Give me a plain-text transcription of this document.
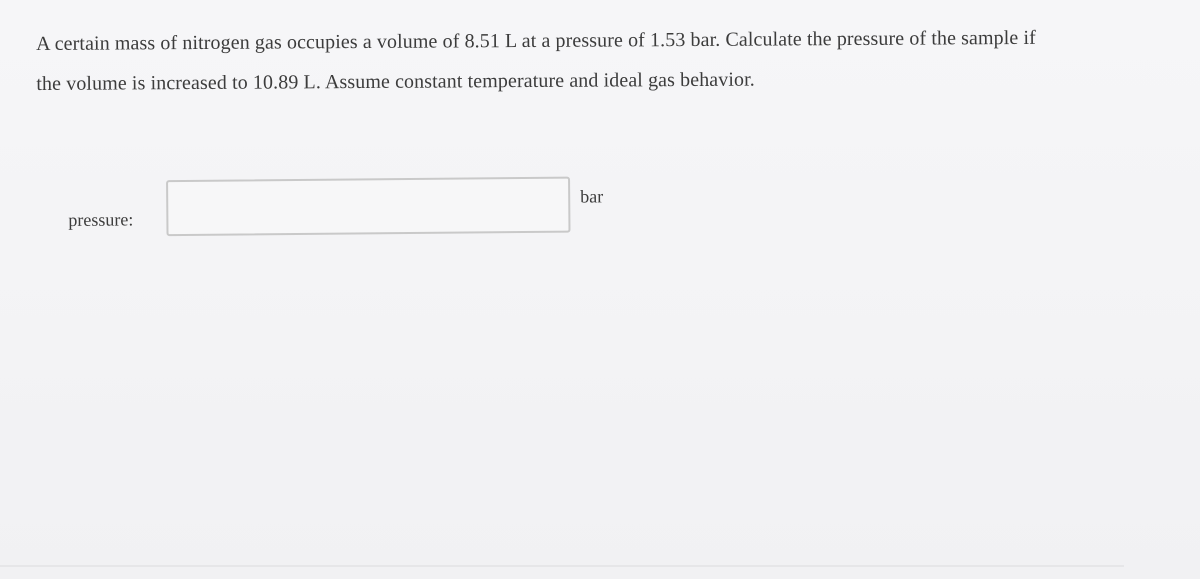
A certain mass of nitrogen gas occupies a volume of 8.51 L at a pressure of 1.53 bar. Calculate the pressure of the sample if
the volume is increased to 10.89 L. Assume constant temperature and ideal gas behavior.
pressure:
bar
